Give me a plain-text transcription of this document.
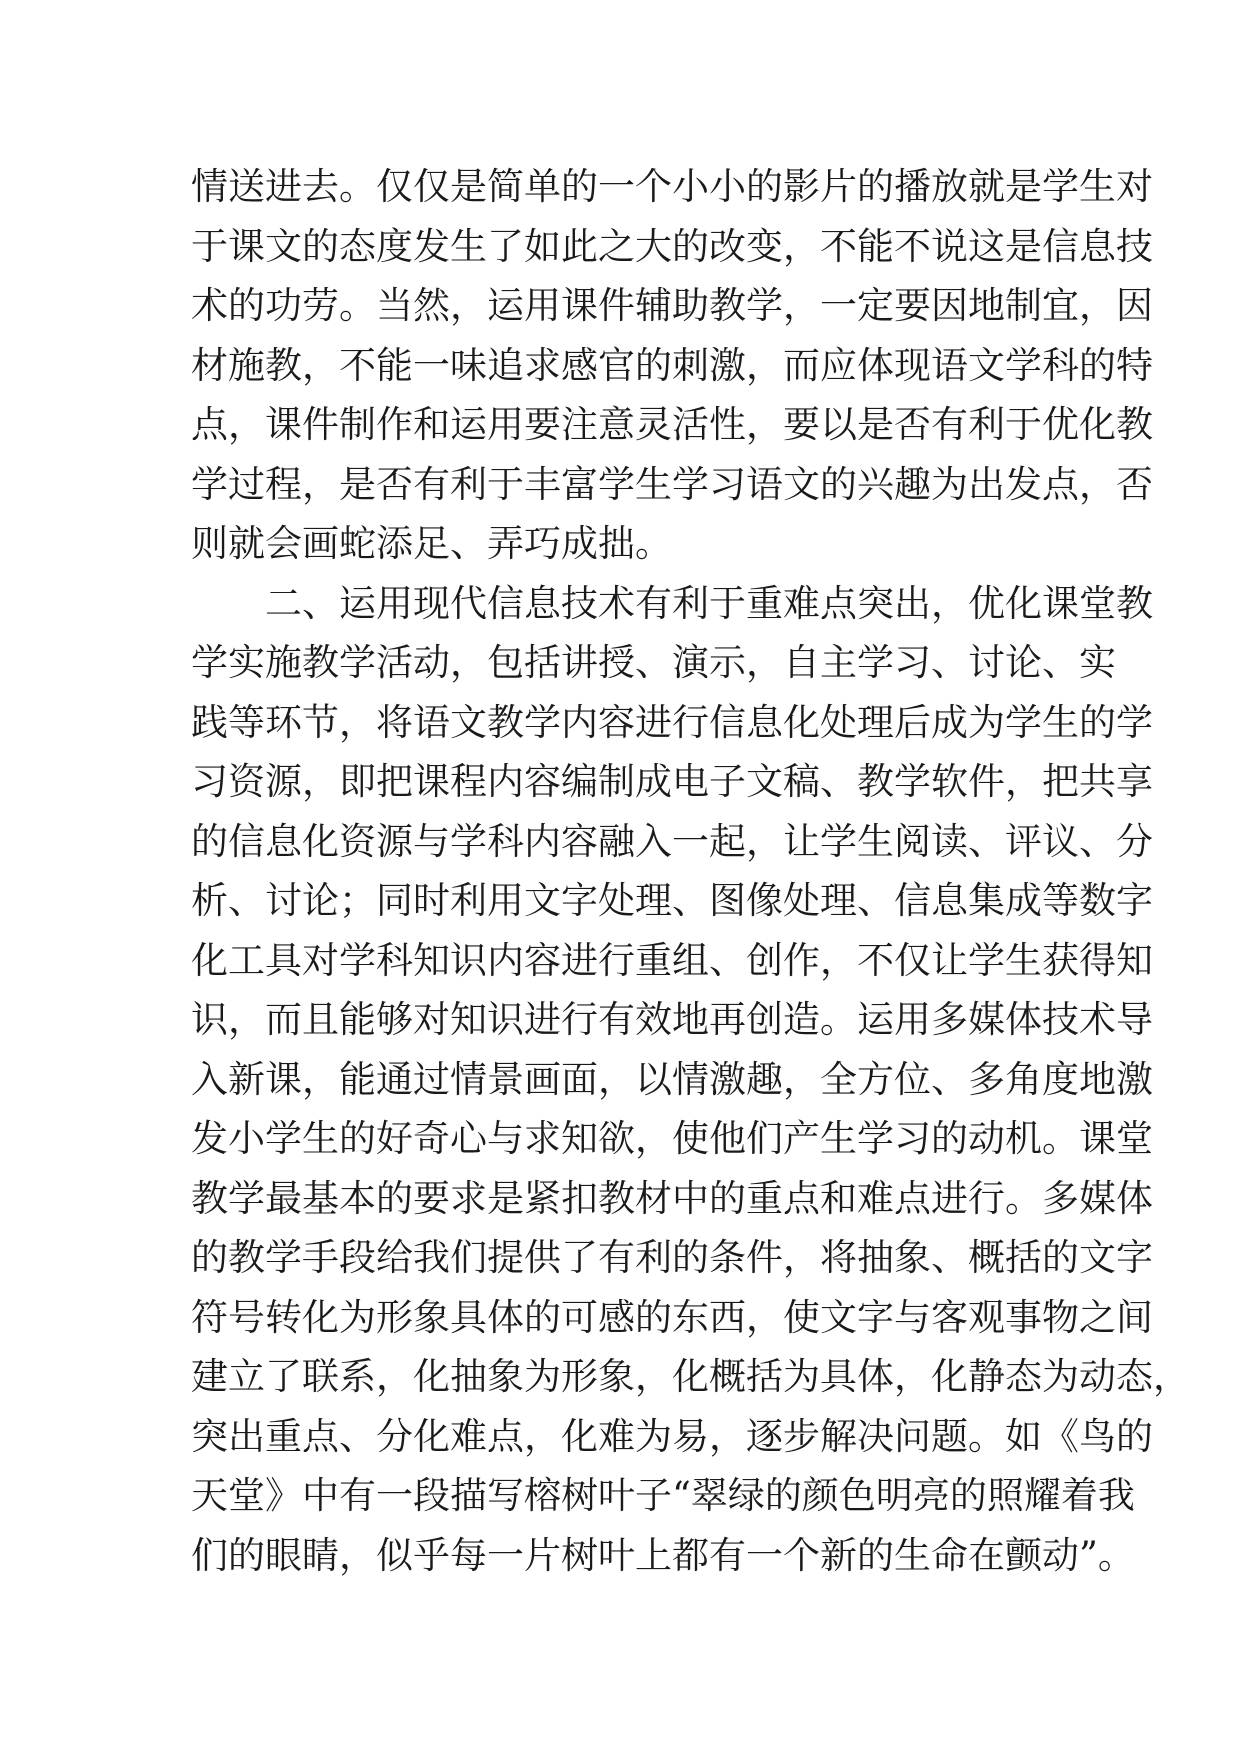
情 送 进 去 。 仅 仅 是 简 单 的 一 个 小 小 的 影 片 的 播 放 就 是 学 生 对
于 课 文 的 态 度 发 生 了 如 此 之 大 的 改 变 ， 不 能 不 说 这 是 信 息 技
术 的 功 劳 。 当 然 ， 运 用 课 件 辅 助 教 学 ， 一 定 要 因 地 制 宜 ， 因
材 施 教 ， 不 能 一 味 追 求 感 官 的 刺 激 ， 而 应 体 现 语 文 学 科 的 特
点 ， 课 件 制 作 和 运 用 要 注 意 灵 活 性 ， 要 以 是 否 有 利 于 优 化 教
学 过 程 ， 是 否 有 利 于 丰 富 学 生 学 习 语 文 的 兴 趣 为 出 发 点 ， 否
则就会画蛇添足、弄巧成拙。
二 、 运 用 现 代 信 息 技 术 有 利 于 重 难 点 突 出 ， 优 化 课 堂 教
学 实 施 教 学 活 动 ， 包 括 讲 授 、 演 示 ， 自 主 学 习 、 讨 论 、 实
践 等 环 节 ， 将 语 文 教 学 内 容 进 行 信 息 化 处 理 后 成 为 学 生 的 学
习 资 源 ， 即 把 课 程 内 容 编 制 成 电 子 文 稿 、 教 学 软 件 ， 把 共 享
的 信 息 化 资 源 与 学 科 内 容 融 入 一 起 ， 让 学 生 阅 读 、 评 议 、 分
析 、 讨 论 ； 同 时 利 用 文 字 处 理 、 图 像 处 理 、 信 息 集 成 等 数 字
化 工 具 对 学 科 知 识 内 容 进 行 重 组 、 创 作 ， 不 仅 让 学 生 获 得 知
识 ， 而 且 能 够 对 知 识 进 行 有 效 地 再 创 造 。 运 用 多 媒 体 技 术 导
入 新 课 ， 能 通 过 情 景 画 面 ， 以 情 激 趣 ， 全 方 位 、 多 角 度 地 激
发 小 学 生 的 好 奇 心 与 求 知 欲 ， 使 他 们 产 生 学 习 的 动 机 。 课 堂
教 学 最 基 本 的 要 求 是 紧 扣 教 材 中 的 重 点 和 难 点 进 行 。 多 媒 体
的 教 学 手 段 给 我 们 提 供 了 有 利 的 条 件 ， 将 抽 象 、 概 括 的 文 字
符 号 转 化 为 形 象 具 体 的 可 感 的 东 西 ， 使 文 字 与 客 观 事 物 之 间
建 立 了 联 系 ， 化 抽 象 为 形 象 ， 化 概 括 为 具 体 ， 化 静 态 为 动 态 ，
突 出 重 点 、 分 化 难 点 ， 化 难 为 易 ， 逐 步 解 决 问 题 。 如 《 鸟 的
天 堂 》 中 有 一 段 描 写 榕 树 叶 子 “ 翠 绿 的 颜 色 明 亮 的 照 耀 着 我
们 的 眼 睛 ， 似 乎 每 一 片 树 叶 上 都 有 一 个 新 的 生 命 在 颤 动 ” 。
